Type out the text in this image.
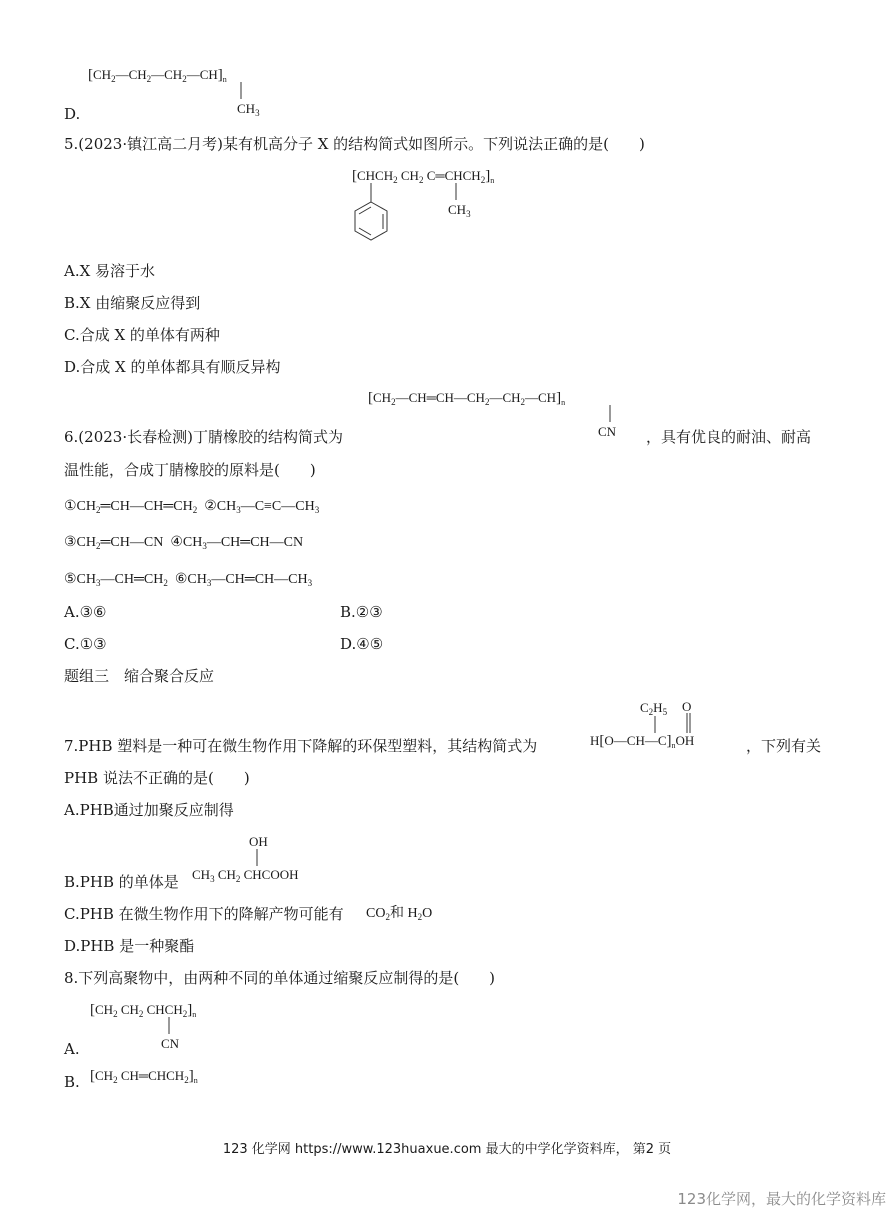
$[CH_2—CH_2—CH_2—CH]_n$
$CH_3$
D.
5.(2023·镇江高二月考)某有机高分子 X 的结构简式如图所示。下列说法正确的是(　　)
[$CHCH_2$ $CH_2$ $C═CHCH_2]_n$
$CH_3$
A.X 易溶于水
B.X 由缩聚反应得到
C.合成 X 的单体有两种
D.合成 X 的单体都具有顺反异构
$[CH_2—CH═CH—CH_2—CH_2—CH]_n$
CN
6.(2023·长春检测)丁腈橡胶的结构简式为	，具有优良的耐油、耐高
温性能，合成丁腈橡胶的原料是(　　)
$①CH_2═CH—CH═CH_2$  $②CH_3—C\equiv C—CH_3$
$③CH_2═CH—CN$  $④CH_3—CH═CH—CN$
$⑤CH_3—CH═CH_2$  $⑥CH_3—CH═CH—CH_3$
A.③⑥	B.②③
C.①③	D.④⑤
题组三　缩合聚合反应
$C_2H_5$ O
$H[O—CH—C]_nOH$
7.PHB 塑料是一种可在微生物作用下降解的环保型塑料，其结构简式为	，下列有关
PHB 说法不正确的是(　　)
A.PHB通过加聚反应制得
OH
$CH_3$ $CH_2$ CHCOOH
B.PHB 的单体是
C.PHB 在微生物作用下的降解产物可能有 $CO_2$和 $H_2O$
D.PHB 是一种聚酯
8.下列高聚物中，由两种不同的单体通过缩聚反应制得的是(　　)
[$CH_2$ $CH_2$ $CHCH_2]_n$
CN
A.
[$CH_2$ $CH═CHCH_2]_n$
B.
123 化学网 https://www.123huaxue.com 最大的中学化学资料库， 第2 页
123化学网，最大的化学资料库
